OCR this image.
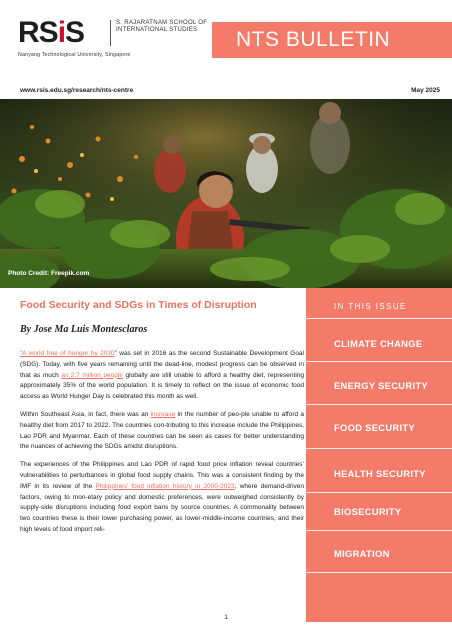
RSiS	S. RAJARATNAM SCHOOL OF INTERNATIONAL STUDIES
Nanyang Technological University, Singapore
NTS BULLETIN
www.rsis.edu.sg/research/nts-centre	May 2025
Photo Credit: Freepik.com
Food Security and SDGs in Times of Disruption
By Jose Ma Luis Montesclaros

“A world free of hunger by 2030” was set in 2016 as the second Sustainable Development Goal (SDG). Today, with five years remaining until the dead-line, modest progress can be observed in that as much as 2.7 million people globally are still unable to afford a healthy diet, representing approximately 35% of the world population. It is timely to reflect on the issue of economic food access as World Hunger Day is celebrated this month as well.

Within Southeast Asia, in fact, there was an increase in the number of peo-ple unable to afford a healthy diet from 2017 to 2022. The countries con-tributing to this increase include the Philippines, Lao PDR and Myanmar. Each of these countries can be seen as cases for better understanding the nuances of achieving the SDGs amidst disruptions.

The experiences of the Philippines and Lao PDR of rapid food price inflation reveal countries’ vulnerabilities to perturbances in global food supply chains. This was a consistent finding by the IMF in its review of the Philippines’ food inflation history in 2000-2023, where demand-driven factors, owing to mon-etary policy and domestic preferences, were outweighed consistently by supply-side disruptions including food export bans by source countries. A commonality between two countries these is their lower purchasing power, as lower-middle-income countries, and their high levels of food import reli-

IN THIS ISSUE
CLIMATE CHANGE
ENERGY SECURITY
FOOD SECURITY
HEALTH SECURITY
BIOSECURITY
MIGRATION
1
